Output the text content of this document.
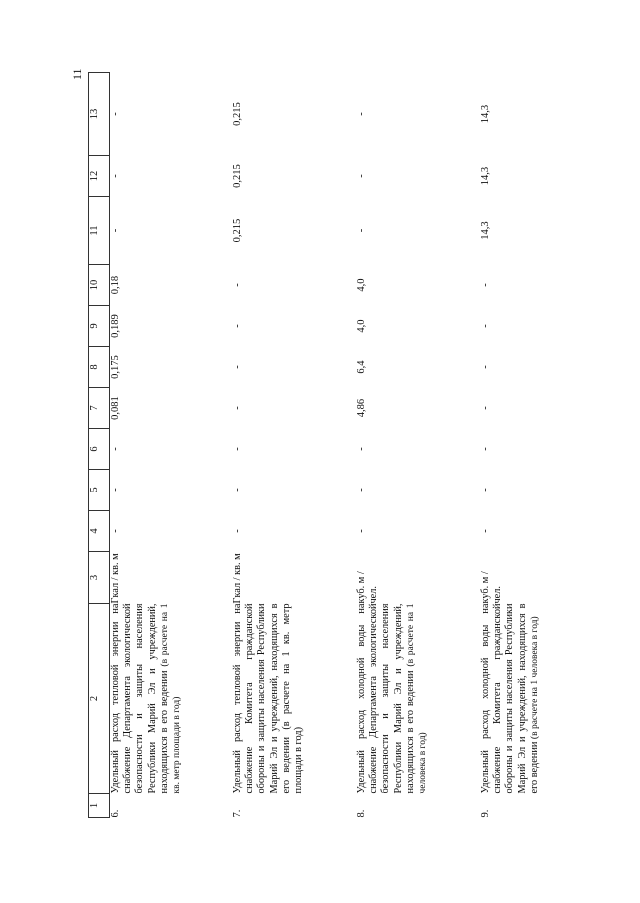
11
1	2	3	4	5	6	7	8	9	10	11	12	13
6.	Удельный расход тепловой энергии на снабжение Департамента экологической безопасности и защиты населения Республики Марий Эл и учреждений, находящихся в его ведении (в расчете на 1 кв. метр площади в год)	Гкал / кв. м	-	-	-	0,081	0,175	0,189	0,18	-	-	-
7.	Удельный расход тепловой энергии на снабжение Комитета гражданской обороны и защиты населения Республики Марий Эл и учреждений, находящихся в его ведении (в расчете на 1 кв. метр площади в год)	Гкал / кв. м	-	-	-	-	-	-	-	0,215	0,215	0,215
8.	Удельный расход холодной воды на снабжение Департамента экологической безопасности и защиты населения Республики Марий Эл и учреждений, находящихся в его ведении (в расчете на 1 человека в год)	куб. м / чел.	-	-	-	4,86	6,4	4,0	4,0	-	-	-
9.	Удельный расход холодной воды на снабжение Комитета гражданской обороны и защиты населения Республики Марий Эл и учреждений, находящихся в его ведении (в расчете на 1 человека в год)	куб. м / чел.	-	-	-	-	-	-	-	14,3	14,3	14,3
